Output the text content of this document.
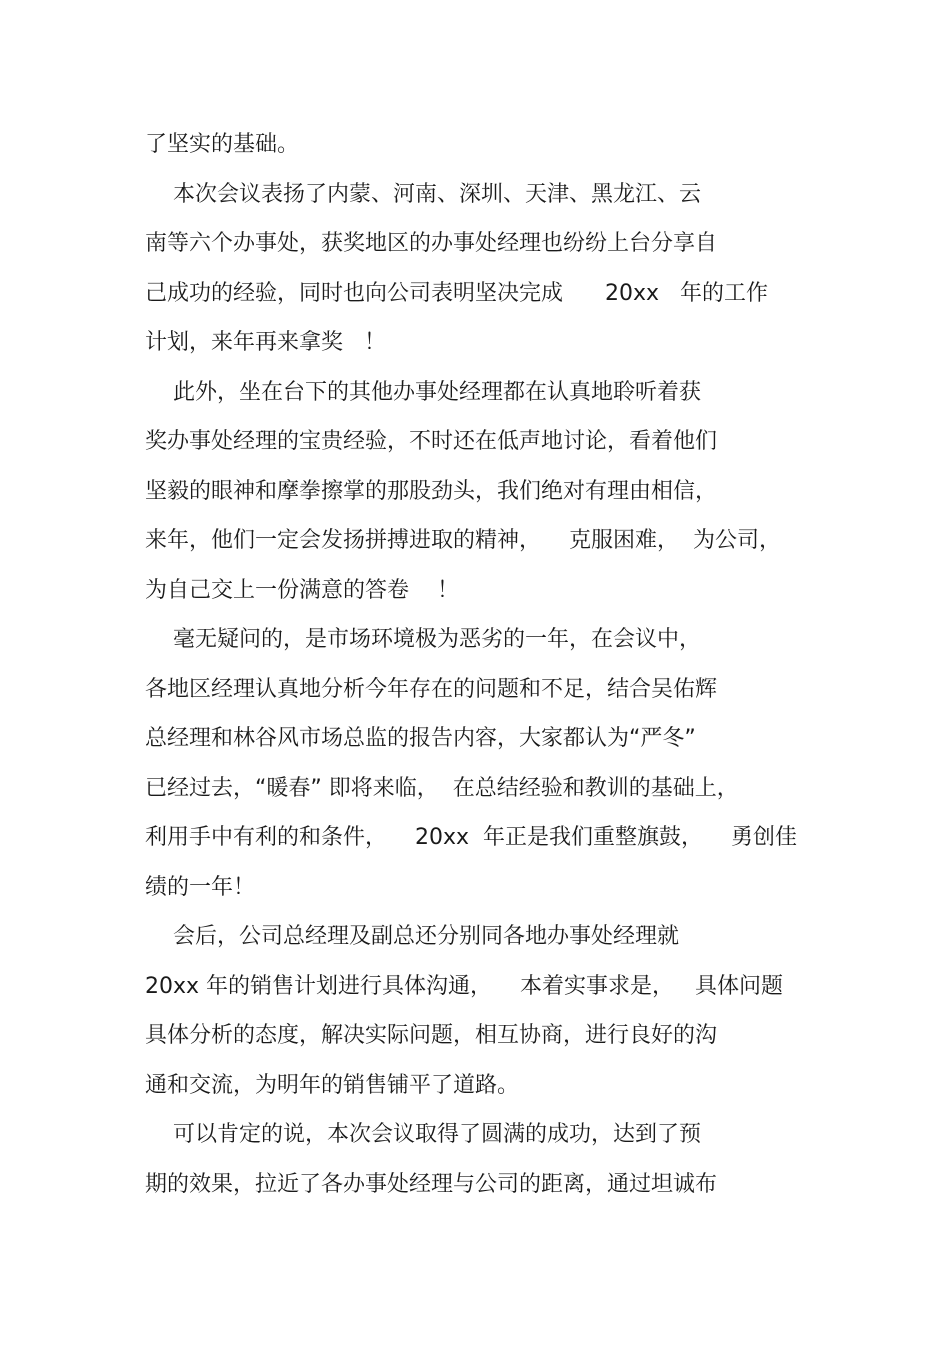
了坚实的基础。
本次会议表扬了内蒙、河南、深圳、天津、黑龙江、云
南等六个办事处，获奖地区的办事处经理也纷纷上台分享自
己成功的经验，同时也向公司表明坚决完成      20xx   年的工作
计划，来年再来拿奖   ！
此外，坐在台下的其他办事处经理都在认真地聆听着获
奖办事处经理的宝贵经验，不时还在低声地讨论，看着他们
坚毅的眼神和摩拳擦掌的那股劲头，我们绝对有理由相信，
来年，他们一定会发扬拼搏进取的精神，    克服困难，  为公司，
为自己交上一份满意的答卷    ！
毫无疑问的，是市场环境极为恶劣的一年，在会议中，
各地区经理认真地分析今年存在的问题和不足，结合吴佑辉
总经理和林谷风市场总监的报告内容，大家都认为“严冬”
已经过去，“暖春” 即将来临，  在总结经验和教训的基础上，
利用手中有利的和条件，    20xx  年正是我们重整旗鼓，    勇创佳
绩的一年！
会后，公司总经理及副总还分别同各地办事处经理就
20xx 年的销售计划进行具体沟通，    本着实事求是，   具体问题
具体分析的态度，解决实际问题，相互协商，进行良好的沟
通和交流，为明年的销售铺平了道路。
可以肯定的说，本次会议取得了圆满的成功，达到了预
期的效果，拉近了各办事处经理与公司的距离，通过坦诚布
